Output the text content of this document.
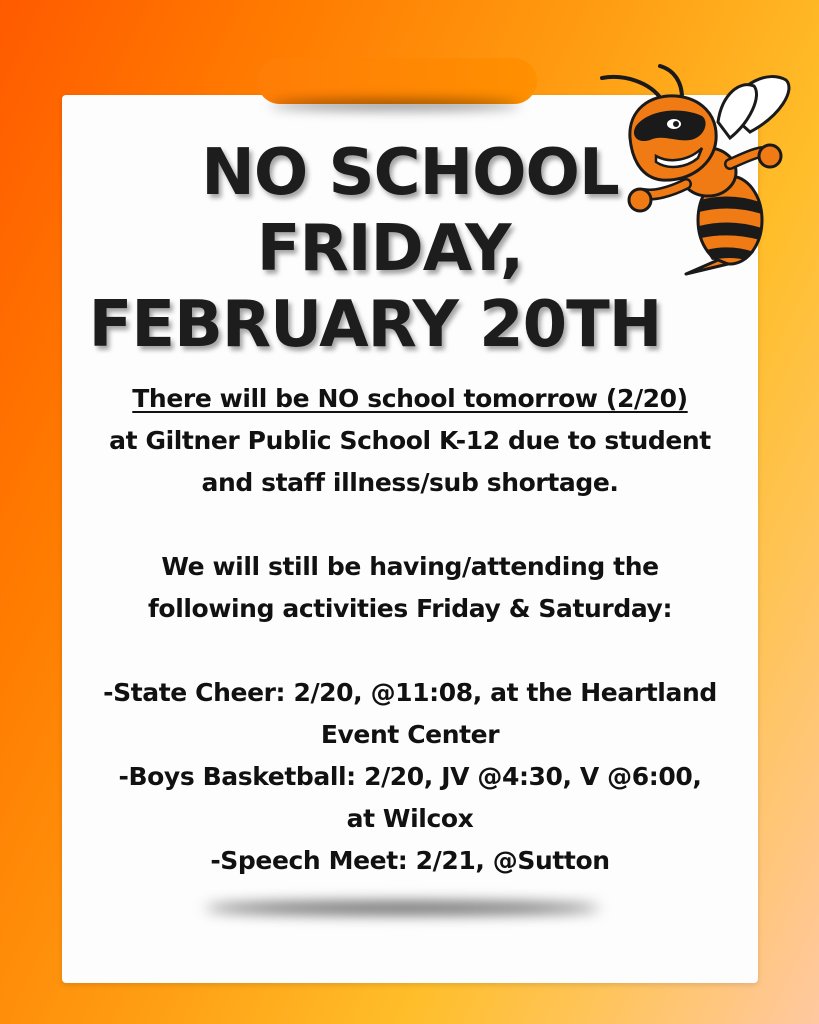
NO SCHOOL
FRIDAY,
FEBRUARY 20TH
There will be NO school tomorrow (2/20)
at Giltner Public School K-12 due to student
and staff illness/sub shortage.
We will still be having/attending the
following activities Friday & Saturday:
-State Cheer: 2/20, @11:08, at the Heartland
Event Center
-Boys Basketball: 2/20, JV @4:30, V @6:00,
at Wilcox
-Speech Meet: 2/21, @Sutton
